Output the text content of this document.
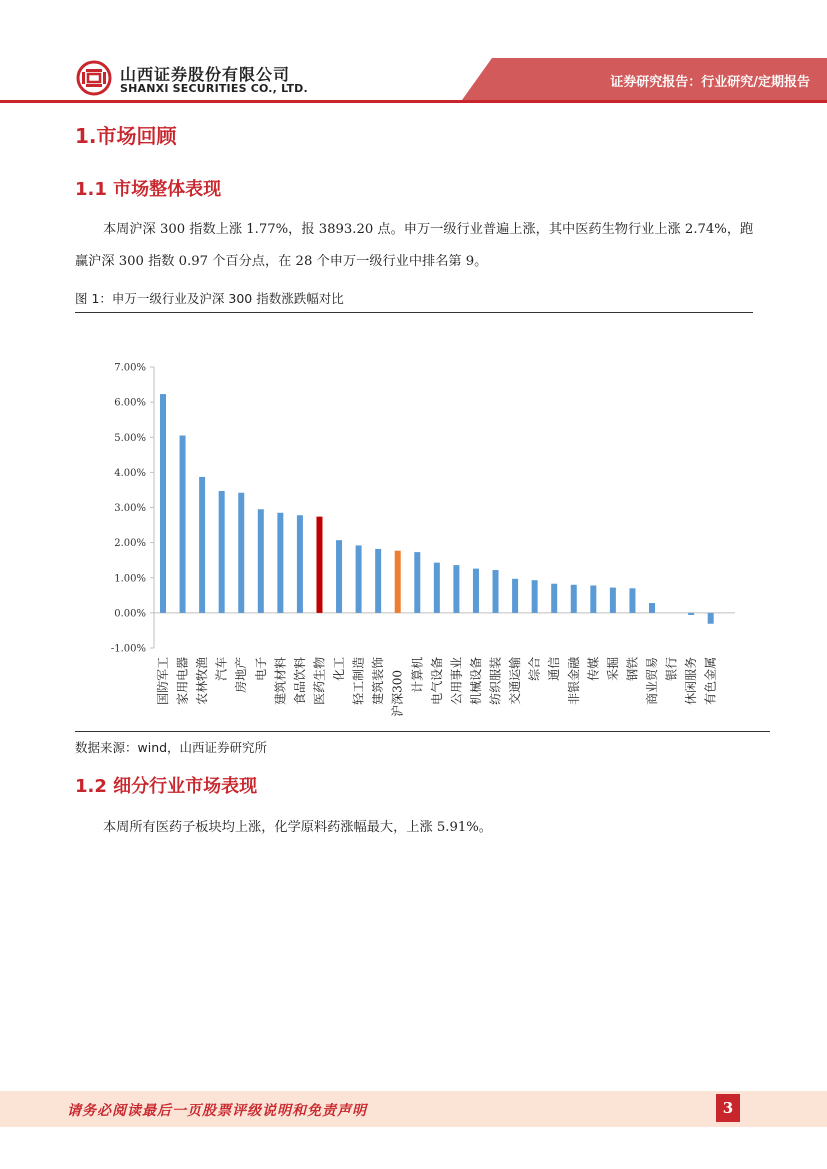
山西证券股份有限公司
SHANXI SECURITIES CO., LTD.	证券研究报告：行业研究/定期报告
1.市场回顾
1.1 市场整体表现

本周沪深 300 指数上涨 1.77%，报 3893.20 点。申万一级行业普遍上涨，其中医药生物行业上涨 2.74%，跑赢沪深 300 指数 0.97 个百分点，在 28 个申万一级行业中排名第 9。

图 1：申万一级行业及沪深 300 指数涨跌幅对比
-1.00%
0.00%
1.00%
2.00%
3.00%
4.00%
5.00%
6.00%
7.00%
国防军工 家用电器 农林牧渔 汽车 房地产 电子 建筑材料 食品饮料 医药生物 化工 轻工制造 建筑装饰 沪深300 计算机 电气设备 公用事业 机械设备 纺织服装 交通运输 综合 通信 非银金融 传媒 采掘 钢铁 商业贸易 银行 休闲服务 有色金属
数据来源：wind，山西证券研究所
1.2 细分行业市场表现

本周所有医药子板块均上涨，化学原料药涨幅最大，上涨 5.91%。

请务必阅读最后一页股票评级说明和免责声明	3
